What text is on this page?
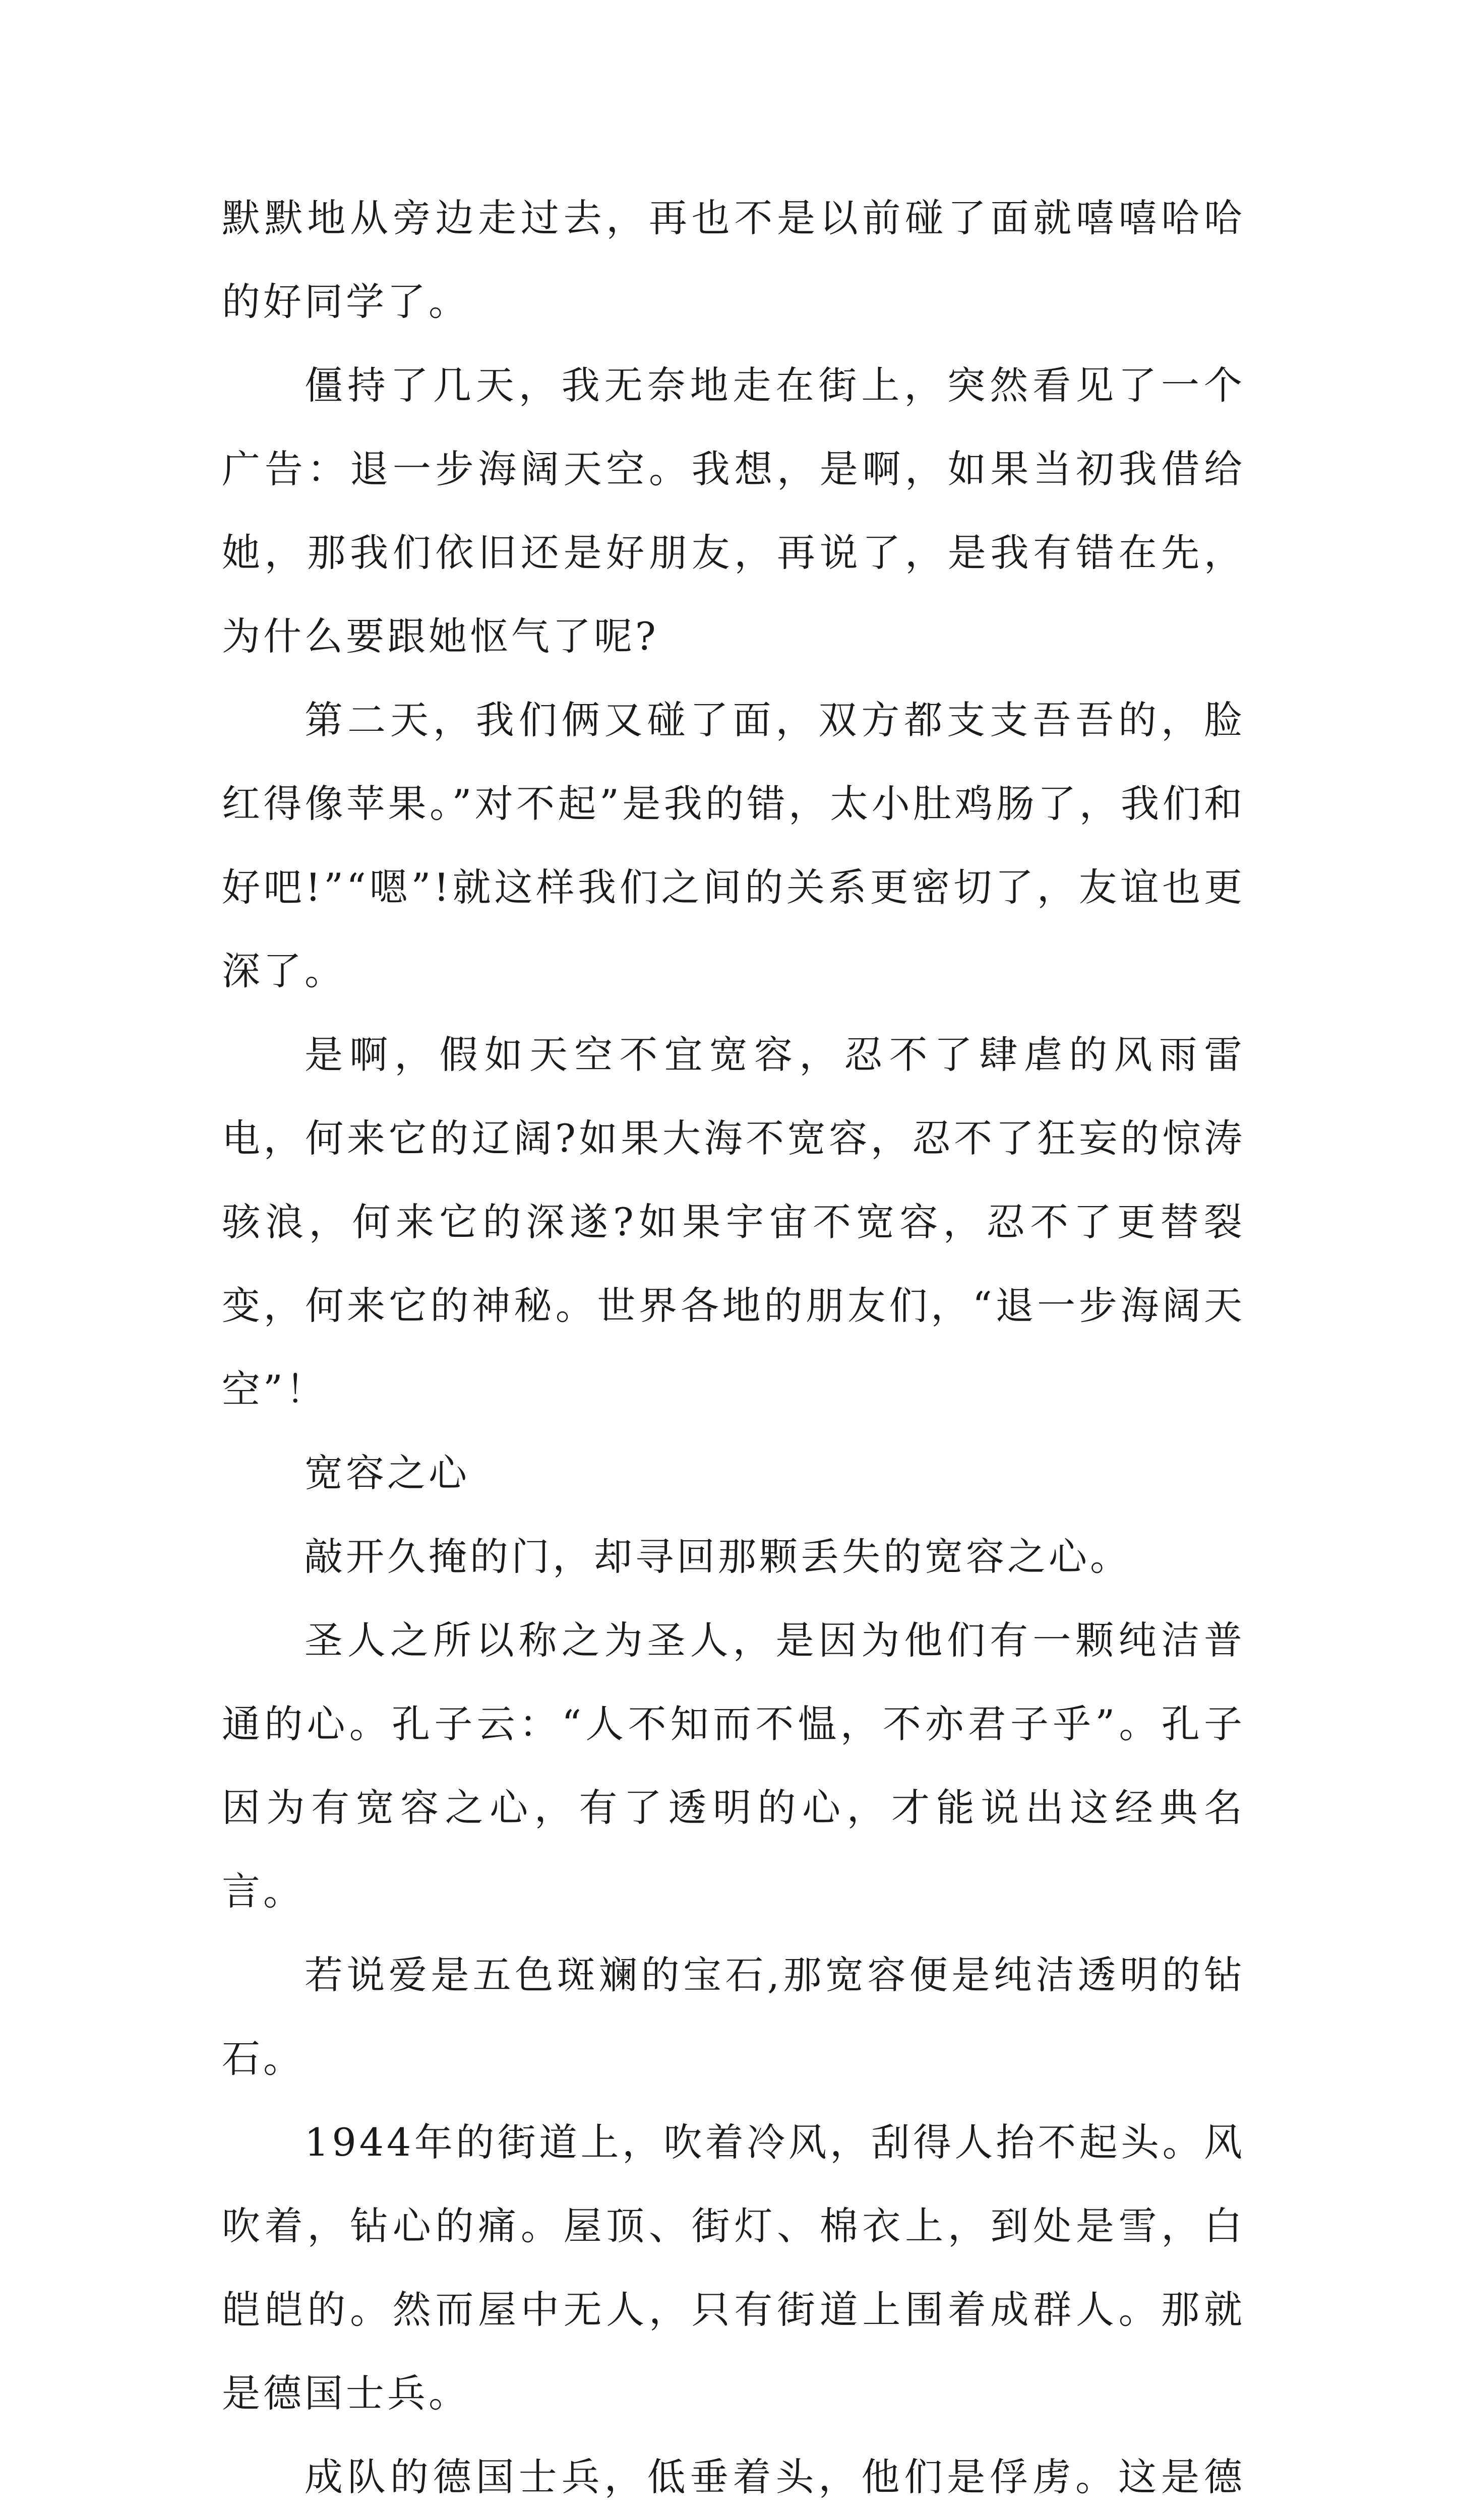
默默地从旁边走过去，再也不是以前碰了面就嘻嘻哈哈的好同学了。

僵持了几天，我无奈地走在街上，突然看见了一个广告：退一步海阔天空。我想，是啊，如果当初我借给她，那我们依旧还是好朋友，再说了，是我有错在先，为什么要跟她怄气了呢?

第二天，我们俩又碰了面，双方都支支吾吾的，脸红得像苹果。”对不起”是我的错，太小肚鸡肠了，我们和好吧!”“嗯”!就这样我们之间的关系更密切了，友谊也更深了。

是啊，假如天空不宜宽容，忍不了肆虐的风雨雷电，何来它的辽阔?如果大海不宽容，忍不了狂妄的惊涛骇浪，何来它的深遂?如果宇宙不宽容，忍不了更替裂变，何来它的神秘。世界各地的朋友们，“退一步海阔天空”！

宽容之心

敲开久掩的门，却寻回那颗丢失的宽容之心。

圣人之所以称之为圣人，是因为他们有一颗纯洁普通的心。孔子云：“人不知而不愠，不亦君子乎”。孔子因为有宽容之心，有了透明的心，才能说出这经典名言。

若说爱是五色斑斓的宝石,那宽容便是纯洁透明的钻石。

1944年的街道上，吹着冷风，刮得人抬不起头。风吹着，钻心的痛。屋顶、街灯、棉衣上，到处是雪，白皑皑的。然而屋中无人，只有街道上围着成群人。那就是德国士兵。

成队的德国士兵，低垂着头，他们是俘虏。这是德
